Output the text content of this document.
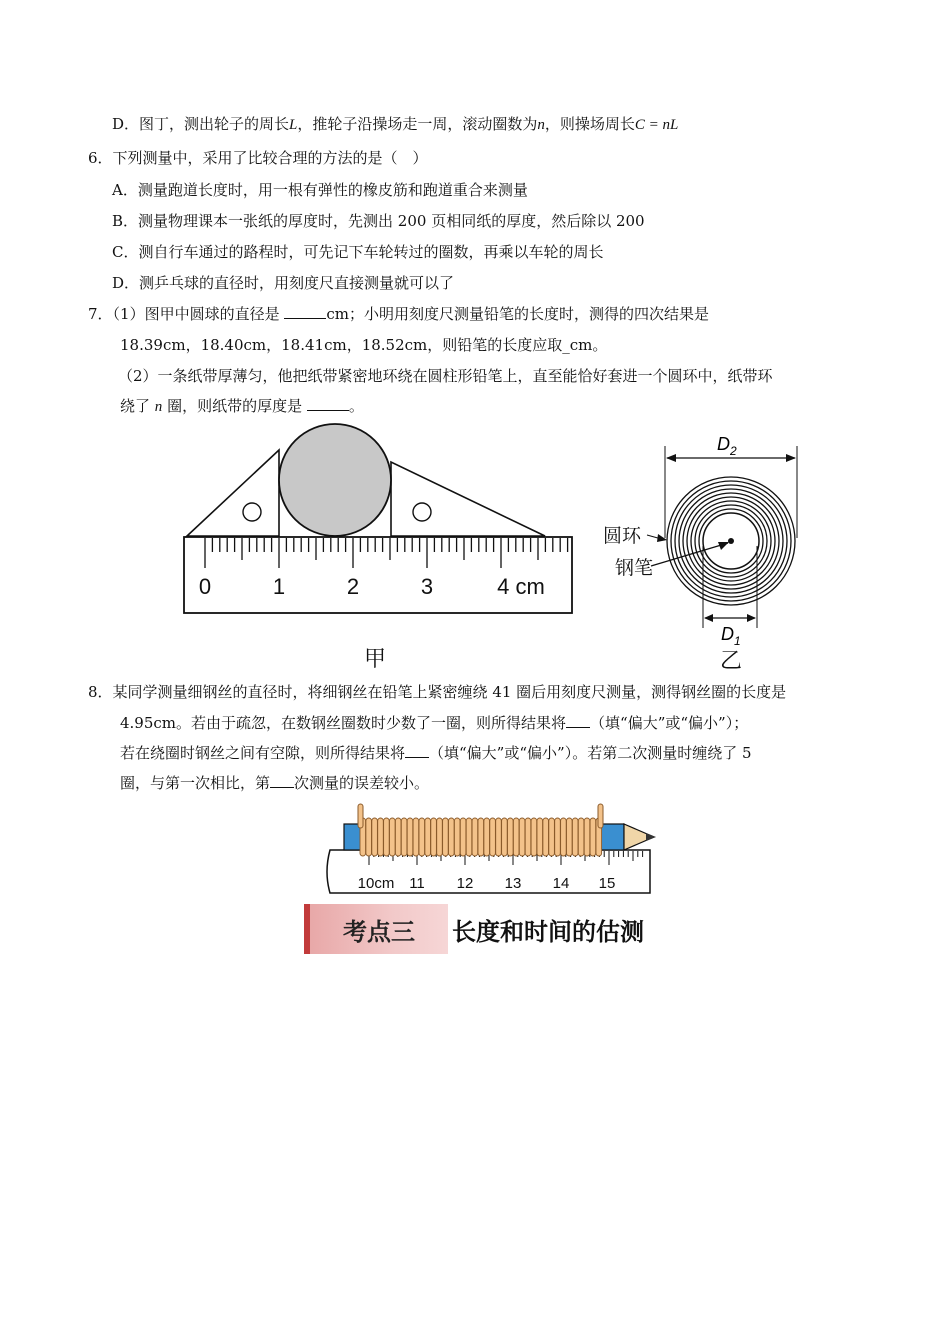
D．图丁，测出轮子的周长L，推轮子沿操场走一周，滚动圈数为n，则操场周长C = nL
6．下列测量中，采用了比较合理的方法的是（　）
A．测量跑道长度时，用一根有弹性的橡皮筋和跑道重合来测量
B．测量物理课本一张纸的厚度时，先测出 200 页相同纸的厚度，然后除以 200
C．测自行车通过的路程时，可先记下车轮转过的圈数，再乘以车轮的周长
D．测乒乓球的直径时，用刻度尺直接测量就可以了
7．（1）图甲中圆球的直径是	cm；小明用刻度尺测量铅笔的长度时，测得的四次结果是
18.39cm，18.40cm，18.41cm，18.52cm，则铅笔的长度应取_cm。
（2）一条纸带厚薄匀，他把纸带紧密地环绕在圆柱形铅笔上，直至能恰好套进一个圆环中，纸带环
绕了 n 圈，则纸带的厚度是	。
0	1	2	3	4 cm
甲
$D_2$
圆环
钢笔
$D_1$
乙
8．某同学测量细钢丝的直径时，将细钢丝在铅笔上紧密缠绕 41 圈后用刻度尺测量，测得钢丝圈的长度是
4.95cm。若由于疏忽，在数钢丝圈数时少数了一圈，则所得结果将 （填“偏大”或“偏小”）；
若在绕圈时钢丝之间有空隙，则所得结果将 （填“偏大”或“偏小”）。若第二次测量时缠绕了 5
圈，与第一次相比，第 次测量的误差较小。
10cm 11 12 13 14 15
考点三	长度和时间的估测
